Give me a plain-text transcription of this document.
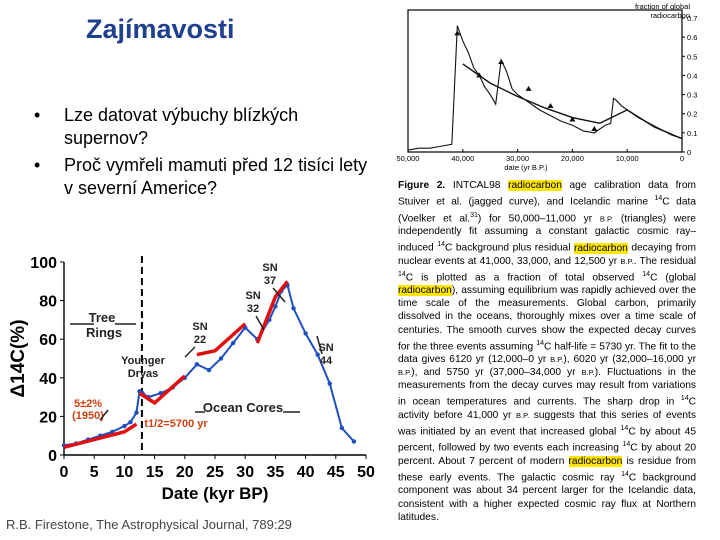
Zajímavosti
• Lze datovat výbuchy blízkých supernov?
• Proč vymřeli mamuti před 12 tisíci lety v severní Americe?
0
20
40
60
80
100
0 5 10 15 20 25 30 35 40 45 50
Date (kyr BP)
Δ14C(%)
Tree
Rings
Younger
Dryas
5±2%
(1950)
t1/2=5700 yr
Ocean Cores
SN
22
SN
32
SN
37
SN
44
fraction of global
radiocarbon
0
0.1
0.2
0.3
0.4
0.5
0.6
0.7
50,000	40,000	30,000	20,000	10,000	0
date (yr B.P.)
Figure 2. INTCAL98 radiocarbon age calibration data from Stuiver et al. (jagged curve), and Icelandic marine $^{14}$C data (Voelker et al.$^{31}$) for 50,000–11,000 yr B.P. (triangles) were independently fit assuming a constant galactic cosmic ray–induced $^{14}$C background plus residual radiocarbon decaying from nuclear events at 41,000, 33,000, and 12,500 yr B.P.. The residual $^{14}$C is plotted as a fraction of total observed $^{14}$C (global radiocarbon), assuming equilibrium was rapidly achieved over the time scale of the measurements. Global carbon, primarily dissolved in the oceans, thoroughly mixes over a time scale of centuries. The smooth curves show the expected decay curves for the three events assuming $^{14}$C half-life = 5730 yr. The fit to the data gives 6120 yr (12,000–0 yr B.P.), 6020 yr (32,000–16,000 yr B.P.), and 5750 yr (37,000–34,000 yr B.P.). Fluctuations in the measurements from the decay curves may result from variations in ocean temperatures and currents. The sharp drop in $^{14}$C activity before 41,000 yr B.P. suggests that this series of events was initiated by an event that increased global $^{14}$C by about 45 percent, followed by two events each increasing $^{14}$C by about 20 percent. About 7 percent of modern radiocarbon is residue from these early events. The galactic cosmic ray $^{14}$C background component was about 34 percent larger for the Icelandic data, consistent with a higher expected cosmic ray flux at Northern latitudes.
R.B. Firestone, The Astrophysical Journal, 789:29
